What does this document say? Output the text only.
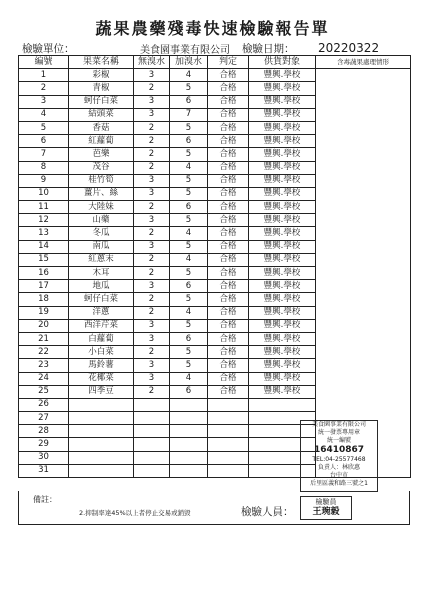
蔬果農藥殘毒快速檢驗報告單
檢驗單位：	美食園事業有限公司 檢驗日期： 20220322
編號	果菜名稱	無溴水	加溴水	判定	供貨對象	含毒蔬果處理情形
1	彩椒	3	4	合格	豐興.學校	
2	青椒	2	5	合格	豐興.學校	
3	蚵仔白菜	3	6	合格	豐興.學校	
4	結頭菜	3	7	合格	豐興.學校	
5	香菇	2	5	合格	豐興.學校	
6	紅蘿蔔	2	6	合格	豐興.學校	
7	芭樂	2	5	合格	豐興.學校	
8	茂谷	2	4	合格	豐興.學校	
9	桂竹筍	3	5	合格	豐興.學校	
10	薑片、絲	3	5	合格	豐興.學校	
11	大陸妹	2	6	合格	豐興.學校	
12	山藥	3	5	合格	豐興.學校	
13	冬瓜	2	4	合格	豐興.學校	
14	南瓜	3	5	合格	豐興.學校	
15	紅蔥末	2	4	合格	豐興.學校	
16	木耳	2	5	合格	豐興.學校	
17	地瓜	3	6	合格	豐興.學校	
18	蚵仔白菜	2	5	合格	豐興.學校	
19	洋蔥	2	4	合格	豐興.學校	
20	西洋芹菜	3	5	合格	豐興.學校	
21	白蘿蔔	3	6	合格	豐興.學校	
22	小白菜	2	5	合格	豐興.學校	
23	馬鈴薯	3	5	合格	豐興.學校	
24	花椰菜	3	4	合格	豐興.學校	
25	四季豆	2	6	合格	豐興.學校	
26						
27						
28						
29						
30						
31						
備註：
2.抑制率達45%以上者停止交易或銷毀	檢驗人員：
美食園事業有限公司
統一發票專用章
統一編號
16410867
TEL:04-25577468
負責人：林欣惠
台中市
后里區義和路三號之1
檢驗員
王琬毅
